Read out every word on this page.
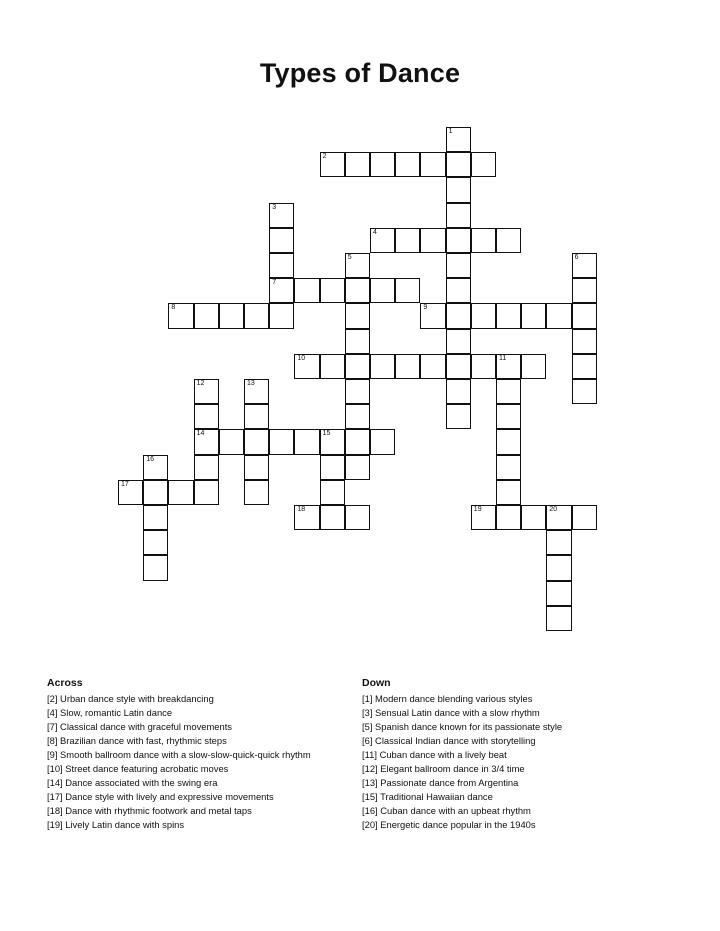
Types of Dance
1
2
3
7
4
5	6
8	9
10	11
12
14
13
15
16
17
18	19	20
Across
[2] Urban dance style with breakdancing
[4] Slow, romantic Latin dance
[7] Classical dance with graceful movements
[8] Brazilian dance with fast, rhythmic steps
[9] Smooth ballroom dance with a slow-slow-quick-quick rhythm
[10] Street dance featuring acrobatic moves
[14] Dance associated with the swing era
[17] Dance style with lively and expressive movements
[18] Dance with rhythmic footwork and metal taps
[19] Lively Latin dance with spins
Down
[1] Modern dance blending various styles
[3] Sensual Latin dance with a slow rhythm
[5] Spanish dance known for its passionate style
[6] Classical Indian dance with storytelling
[11] Cuban dance with a lively beat
[12] Elegant ballroom dance in 3/4 time
[13] Passionate dance from Argentina
[15] Traditional Hawaiian dance
[16] Cuban dance with an upbeat rhythm
[20] Energetic dance popular in the 1940s
